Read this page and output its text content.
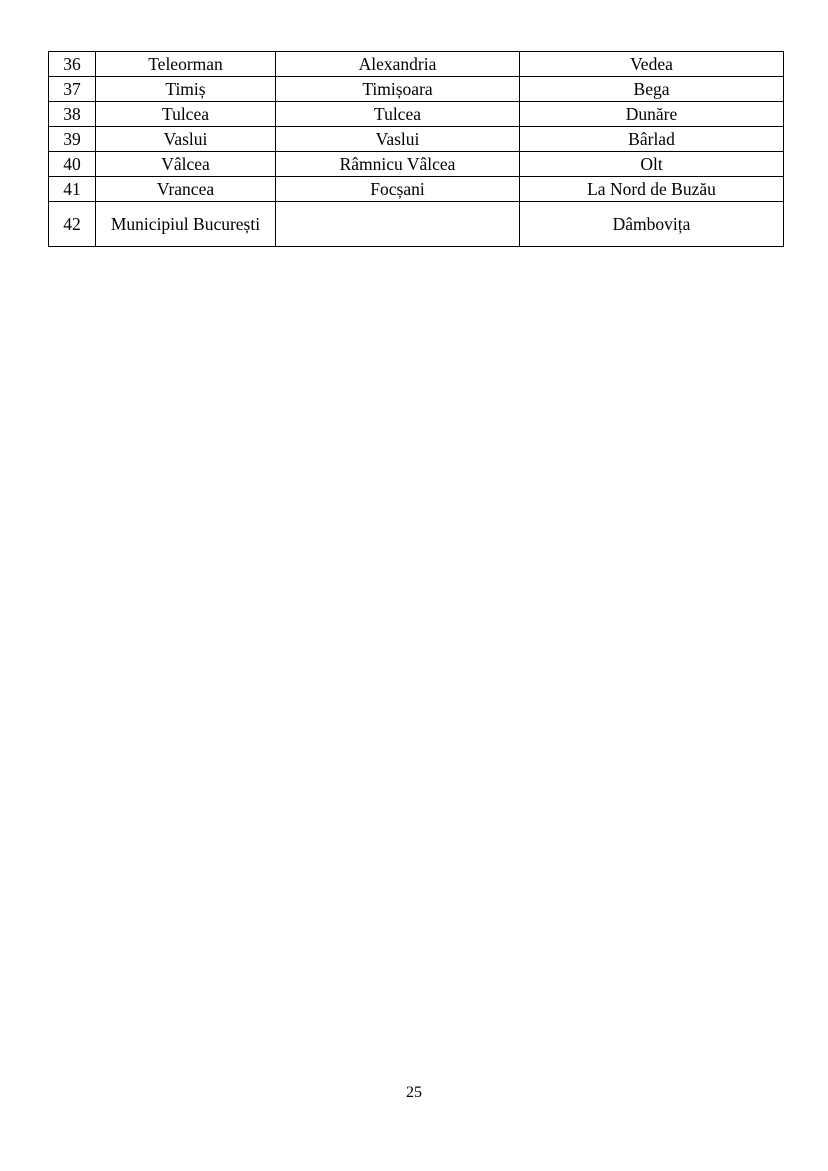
36	Teleorman	Alexandria	Vedea
37	Timiș	Timișoara	Bega
38	Tulcea	Tulcea	Dunăre
39	Vaslui	Vaslui	Bârlad
40	Vâlcea	Râmnicu Vâlcea	Olt
41	Vrancea	Focșani	La Nord de Buzău
42	Municipiul București		Dâmbovița
25
